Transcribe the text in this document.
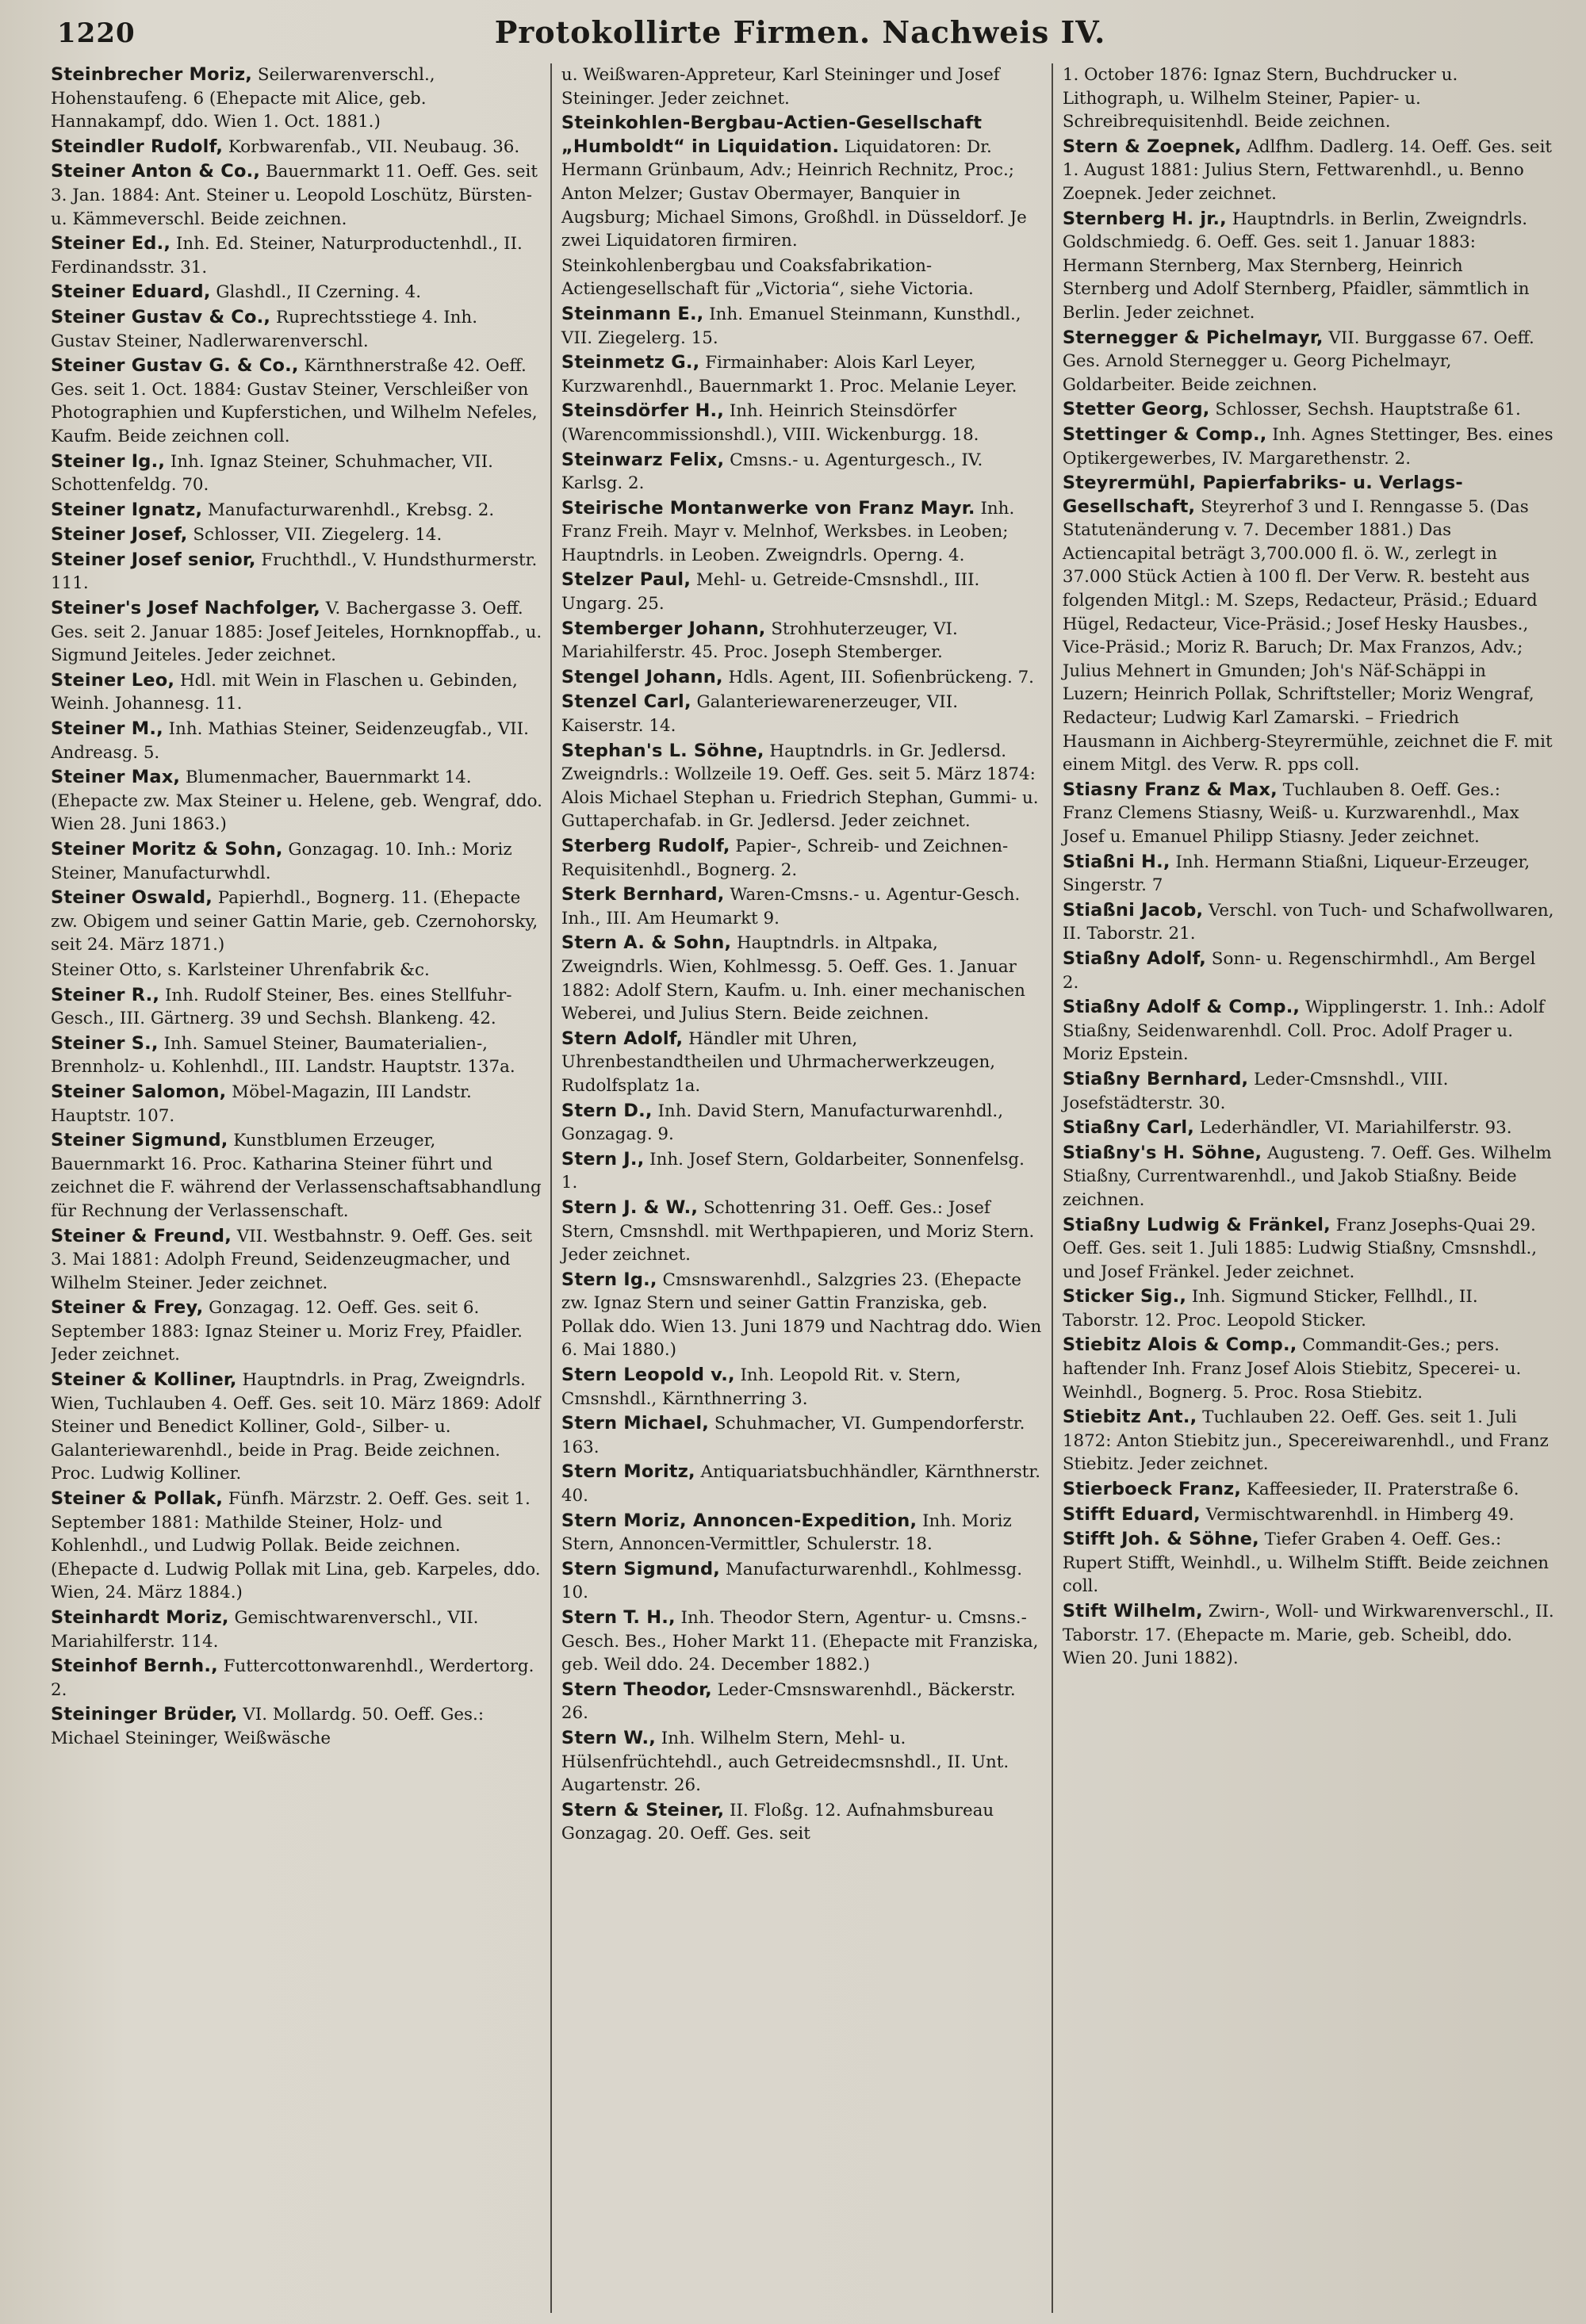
1220	Protokollirte Firmen. Nachweis IV.
Steinbrecher Moriz, Seilerwarenverschl., Hohenstaufeng. 6 (Ehepacte mit Alice, geb. Hannakampf, ddo. Wien 1. Oct. 1881.)
Steindler Rudolf, Korbwarenfab., VII. Neubaug. 36.
Steiner Anton & Co., Bauernmarkt 11. Oeff. Ges. seit 3. Jan. 1884: Ant. Steiner u. Leopold Loschütz, Bürsten- u. Kämmeverschl. Beide zeichnen.
Steiner Ed., Inh. Ed. Steiner, Naturproductenhdl., II. Ferdinandsstr. 31.
Steiner Eduard, Glashdl., II Czerning. 4.
Steiner Gustav & Co., Ruprechtsstiege 4. Inh. Gustav Steiner, Nadlerwarenverschl.
Steiner Gustav G. & Co., Kärnthnerstraße 42. Oeff. Ges. seit 1. Oct. 1884: Gustav Steiner, Verschleißer von Photographien und Kupferstichen, und Wilhelm Nefeles, Kaufm. Beide zeichnen coll.
Steiner Ig., Inh. Ignaz Steiner, Schuhmacher, VII. Schottenfeldg. 70.
Steiner Ignatz, Manufacturwarenhdl., Krebsg. 2.
Steiner Josef, Schlosser, VII. Ziegelerg. 14.
Steiner Josef senior, Fruchthdl., V. Hundsthurmerstr. 111.
Steiner's Josef Nachfolger, V. Bachergasse 3. Oeff. Ges. seit 2. Januar 1885: Josef Jeiteles, Hornknopffab., u. Sigmund Jeiteles. Jeder zeichnet.
Steiner Leo, Hdl. mit Wein in Flaschen u. Gebinden, Weinh. Johannesg. 11.
Steiner M., Inh. Mathias Steiner, Seidenzeugfab., VII. Andreasg. 5.
Steiner Max, Blumenmacher, Bauernmarkt 14. (Ehepacte zw. Max Steiner u. Helene, geb. Wengraf, ddo. Wien 28. Juni 1863.)
Steiner Moritz & Sohn, Gonzagag. 10. Inh.: Moriz Steiner, Manufacturwhdl.
Steiner Oswald, Papierhdl., Bognerg. 11. (Ehepacte zw. Obigem und seiner Gattin Marie, geb. Czernohorsky, seit 24. März 1871.)
Steiner Otto, s. Karlsteiner Uhrenfabrik &c.
Steiner R., Inh. Rudolf Steiner, Bes. eines Stellfuhr-Gesch., III. Gärtnerg. 39 und Sechsh. Blankeng. 42.
Steiner S., Inh. Samuel Steiner, Baumaterialien-, Brennholz- u. Kohlenhdl., III. Landstr. Hauptstr. 137a.
Steiner Salomon, Möbel-Magazin, III Landstr. Hauptstr. 107.
Steiner Sigmund, Kunstblumen Erzeuger, Bauernmarkt 16. Proc. Katharina Steiner führt und zeichnet die F. während der Verlassenschaftsabhandlung für Rechnung der Verlassenschaft.
Steiner & Freund, VII. Westbahnstr. 9. Oeff. Ges. seit 3. Mai 1881: Adolph Freund, Seidenzeugmacher, und Wilhelm Steiner. Jeder zeichnet.
Steiner & Frey, Gonzagag. 12. Oeff. Ges. seit 6. September 1883: Ignaz Steiner u. Moriz Frey, Pfaidler. Jeder zeichnet.
Steiner & Kolliner, Hauptndrls. in Prag, Zweigndrls. Wien, Tuchlauben 4. Oeff. Ges. seit 10. März 1869: Adolf Steiner und Benedict Kolliner, Gold-, Silber- u. Galanteriewarenhdl., beide in Prag. Beide zeichnen. Proc. Ludwig Kolliner.
Steiner & Pollak, Fünfh. Märzstr. 2. Oeff. Ges. seit 1. September 1881: Mathilde Steiner, Holz- und Kohlenhdl., und Ludwig Pollak. Beide zeichnen. (Ehepacte d. Ludwig Pollak mit Lina, geb. Karpeles, ddo. Wien, 24. März 1884.)
Steinhardt Moriz, Gemischtwarenverschl., VII. Mariahilferstr. 114.
Steinhof Bernh., Futtercottonwarenhdl., Werdertorg. 2.
Steininger Brüder, VI. Mollardg. 50. Oeff. Ges.: Michael Steininger, Weißwäsche
u. Weißwaren-Appreteur, Karl Steininger und Josef Steininger. Jeder zeichnet.
Steinkohlen-Bergbau-Actien-Gesellschaft „Humboldt“ in Liquidation. Liquidatoren: Dr. Hermann Grünbaum, Adv.; Heinrich Rechnitz, Proc.; Anton Melzer; Gustav Obermayer, Banquier in Augsburg; Michael Simons, Großhdl. in Düsseldorf. Je zwei Liquidatoren firmiren.
Steinkohlenbergbau und Coaksfabrikation-Actiengesellschaft für „Victoria“, siehe Victoria.
Steinmann E., Inh. Emanuel Steinmann, Kunsthdl., VII. Ziegelerg. 15.
Steinmetz G., Firmainhaber: Alois Karl Leyer, Kurzwarenhdl., Bauernmarkt 1. Proc. Melanie Leyer.
Steinsdörfer H., Inh. Heinrich Steinsdörfer (Warencommissionshdl.), VIII. Wickenburgg. 18.
Steinwarz Felix, Cmsns.- u. Agenturgesch., IV. Karlsg. 2.
Steirische Montanwerke von Franz Mayr. Inh. Franz Freih. Mayr v. Melnhof, Werksbes. in Leoben; Hauptndrls. in Leoben. Zweigndrls. Operng. 4.
Stelzer Paul, Mehl- u. Getreide-Cmsnshdl., III. Ungarg. 25.
Stemberger Johann, Strohhuterzeuger, VI. Mariahilferstr. 45. Proc. Joseph Stemberger.
Stengel Johann, Hdls. Agent, III. Sofienbrückeng. 7.
Stenzel Carl, Galanteriewarenerzeuger, VII. Kaiserstr. 14.
Stephan's L. Söhne, Hauptndrls. in Gr. Jedlersd. Zweigndrls.: Wollzeile 19. Oeff. Ges. seit 5. März 1874: Alois Michael Stephan u. Friedrich Stephan, Gummi- u. Guttaperchafab. in Gr. Jedlersd. Jeder zeichnet.
Sterberg Rudolf, Papier-, Schreib- und Zeichnen-Requisitenhdl., Bognerg. 2.
Sterk Bernhard, Waren-Cmsns.- u. Agentur-Gesch. Inh., III. Am Heumarkt 9.
Stern A. & Sohn, Hauptndrls. in Altpaka, Zweigndrls. Wien, Kohlmessg. 5. Oeff. Ges. 1. Januar 1882: Adolf Stern, Kaufm. u. Inh. einer mechanischen Weberei, und Julius Stern. Beide zeichnen.
Stern Adolf, Händler mit Uhren, Uhrenbestandtheilen und Uhrmacherwerkzeugen, Rudolfsplatz 1a.
Stern D., Inh. David Stern, Manufacturwarenhdl., Gonzagag. 9.
Stern J., Inh. Josef Stern, Goldarbeiter, Sonnenfelsg. 1.
Stern J. & W., Schottenring 31. Oeff. Ges.: Josef Stern, Cmsnshdl. mit Werthpapieren, und Moriz Stern. Jeder zeichnet.
Stern Ig., Cmsnswarenhdl., Salzgries 23. (Ehepacte zw. Ignaz Stern und seiner Gattin Franziska, geb. Pollak ddo. Wien 13. Juni 1879 und Nachtrag ddo. Wien 6. Mai 1880.)
Stern Leopold v., Inh. Leopold Rit. v. Stern, Cmsnshdl., Kärnthnerring 3.
Stern Michael, Schuhmacher, VI. Gumpendorferstr. 163.
Stern Moritz, Antiquariatsbuchhändler, Kärnthnerstr. 40.
Stern Moriz, Annoncen-Expedition, Inh. Moriz Stern, Annoncen-Vermittler, Schulerstr. 18.
Stern Sigmund, Manufacturwarenhdl., Kohlmessg. 10.
Stern T. H., Inh. Theodor Stern, Agentur- u. Cmsns.-Gesch. Bes., Hoher Markt 11. (Ehepacte mit Franziska, geb. Weil ddo. 24. December 1882.)
Stern Theodor, Leder-Cmsnswarenhdl., Bäckerstr. 26.
Stern W., Inh. Wilhelm Stern, Mehl- u. Hülsenfrüchtehdl., auch Getreidecmsnshdl., II. Unt. Augartenstr. 26.
Stern & Steiner, II. Floßg. 12. Aufnahmsbureau Gonzagag. 20. Oeff. Ges. seit
1. October 1876: Ignaz Stern, Buchdrucker u. Lithograph, u. Wilhelm Steiner, Papier- u. Schreibrequisitenhdl. Beide zeichnen.
Stern & Zoepnek, Adlfhm. Dadlerg. 14. Oeff. Ges. seit 1. August 1881: Julius Stern, Fettwarenhdl., u. Benno Zoepnek. Jeder zeichnet.
Sternberg H. jr., Hauptndrls. in Berlin, Zweigndrls. Goldschmiedg. 6. Oeff. Ges. seit 1. Januar 1883: Hermann Sternberg, Max Sternberg, Heinrich Sternberg und Adolf Sternberg, Pfaidler, sämmtlich in Berlin. Jeder zeichnet.
Sternegger & Pichelmayr, VII. Burggasse 67. Oeff. Ges. Arnold Sternegger u. Georg Pichelmayr, Goldarbeiter. Beide zeichnen.
Stetter Georg, Schlosser, Sechsh. Hauptstraße 61.
Stettinger & Comp., Inh. Agnes Stettinger, Bes. eines Optikergewerbes, IV. Margarethenstr. 2.
Steyrermühl, Papierfabriks- u. Verlags-Gesellschaft, Steyrerhof 3 und I. Renngasse 5. (Das Statutenänderung v. 7. December 1881.) Das Actiencapital beträgt 3,700.000 fl. ö. W., zerlegt in 37.000 Stück Actien à 100 fl. Der Verw. R. besteht aus folgenden Mitgl.: M. Szeps, Redacteur, Präsid.; Eduard Hügel, Redacteur, Vice-Präsid.; Josef Hesky Hausbes., Vice-Präsid.; Moriz R. Baruch; Dr. Max Franzos, Adv.; Julius Mehnert in Gmunden; Joh's Näf-Schäppi in Luzern; Heinrich Pollak, Schriftsteller; Moriz Wengraf, Redacteur; Ludwig Karl Zamarski. – Friedrich Hausmann in Aichberg-Steyrermühle, zeichnet die F. mit einem Mitgl. des Verw. R. pps coll.
Stiasny Franz & Max, Tuchlauben 8. Oeff. Ges.: Franz Clemens Stiasny, Weiß- u. Kurzwarenhdl., Max Josef u. Emanuel Philipp Stiasny. Jeder zeichnet.
Stiaßni H., Inh. Hermann Stiaßni, Liqueur-Erzeuger, Singerstr. 7
Stiaßni Jacob, Verschl. von Tuch- und Schafwollwaren, II. Taborstr. 21.
Stiaßny Adolf, Sonn- u. Regenschirmhdl., Am Bergel 2.
Stiaßny Adolf & Comp., Wipplingerstr. 1. Inh.: Adolf Stiaßny, Seidenwarenhdl. Coll. Proc. Adolf Prager u. Moriz Epstein.
Stiaßny Bernhard, Leder-Cmsnshdl., VIII. Josefstädterstr. 30.
Stiaßny Carl, Lederhändler, VI. Mariahilferstr. 93.
Stiaßny's H. Söhne, Augusteng. 7. Oeff. Ges. Wilhelm Stiaßny, Currentwarenhdl., und Jakob Stiaßny. Beide zeichnen.
Stiaßny Ludwig & Fränkel, Franz Josephs-Quai 29. Oeff. Ges. seit 1. Juli 1885: Ludwig Stiaßny, Cmsnshdl., und Josef Fränkel. Jeder zeichnet.
Sticker Sig., Inh. Sigmund Sticker, Fellhdl., II. Taborstr. 12. Proc. Leopold Sticker.
Stiebitz Alois & Comp., Commandit-Ges.; pers. haftender Inh. Franz Josef Alois Stiebitz, Specerei- u. Weinhdl., Bognerg. 5. Proc. Rosa Stiebitz.
Stiebitz Ant., Tuchlauben 22. Oeff. Ges. seit 1. Juli 1872: Anton Stiebitz jun., Specereiwarenhdl., und Franz Stiebitz. Jeder zeichnet.
Stierboeck Franz, Kaffeesieder, II. Praterstraße 6.
Stifft Eduard, Vermischtwarenhdl. in Himberg 49.
Stifft Joh. & Söhne, Tiefer Graben 4. Oeff. Ges.: Rupert Stifft, Weinhdl., u. Wilhelm Stifft. Beide zeichnen coll.
Stift Wilhelm, Zwirn-, Woll- und Wirkwarenverschl., II. Taborstr. 17. (Ehepacte m. Marie, geb. Scheibl, ddo. Wien 20. Juni 1882).
